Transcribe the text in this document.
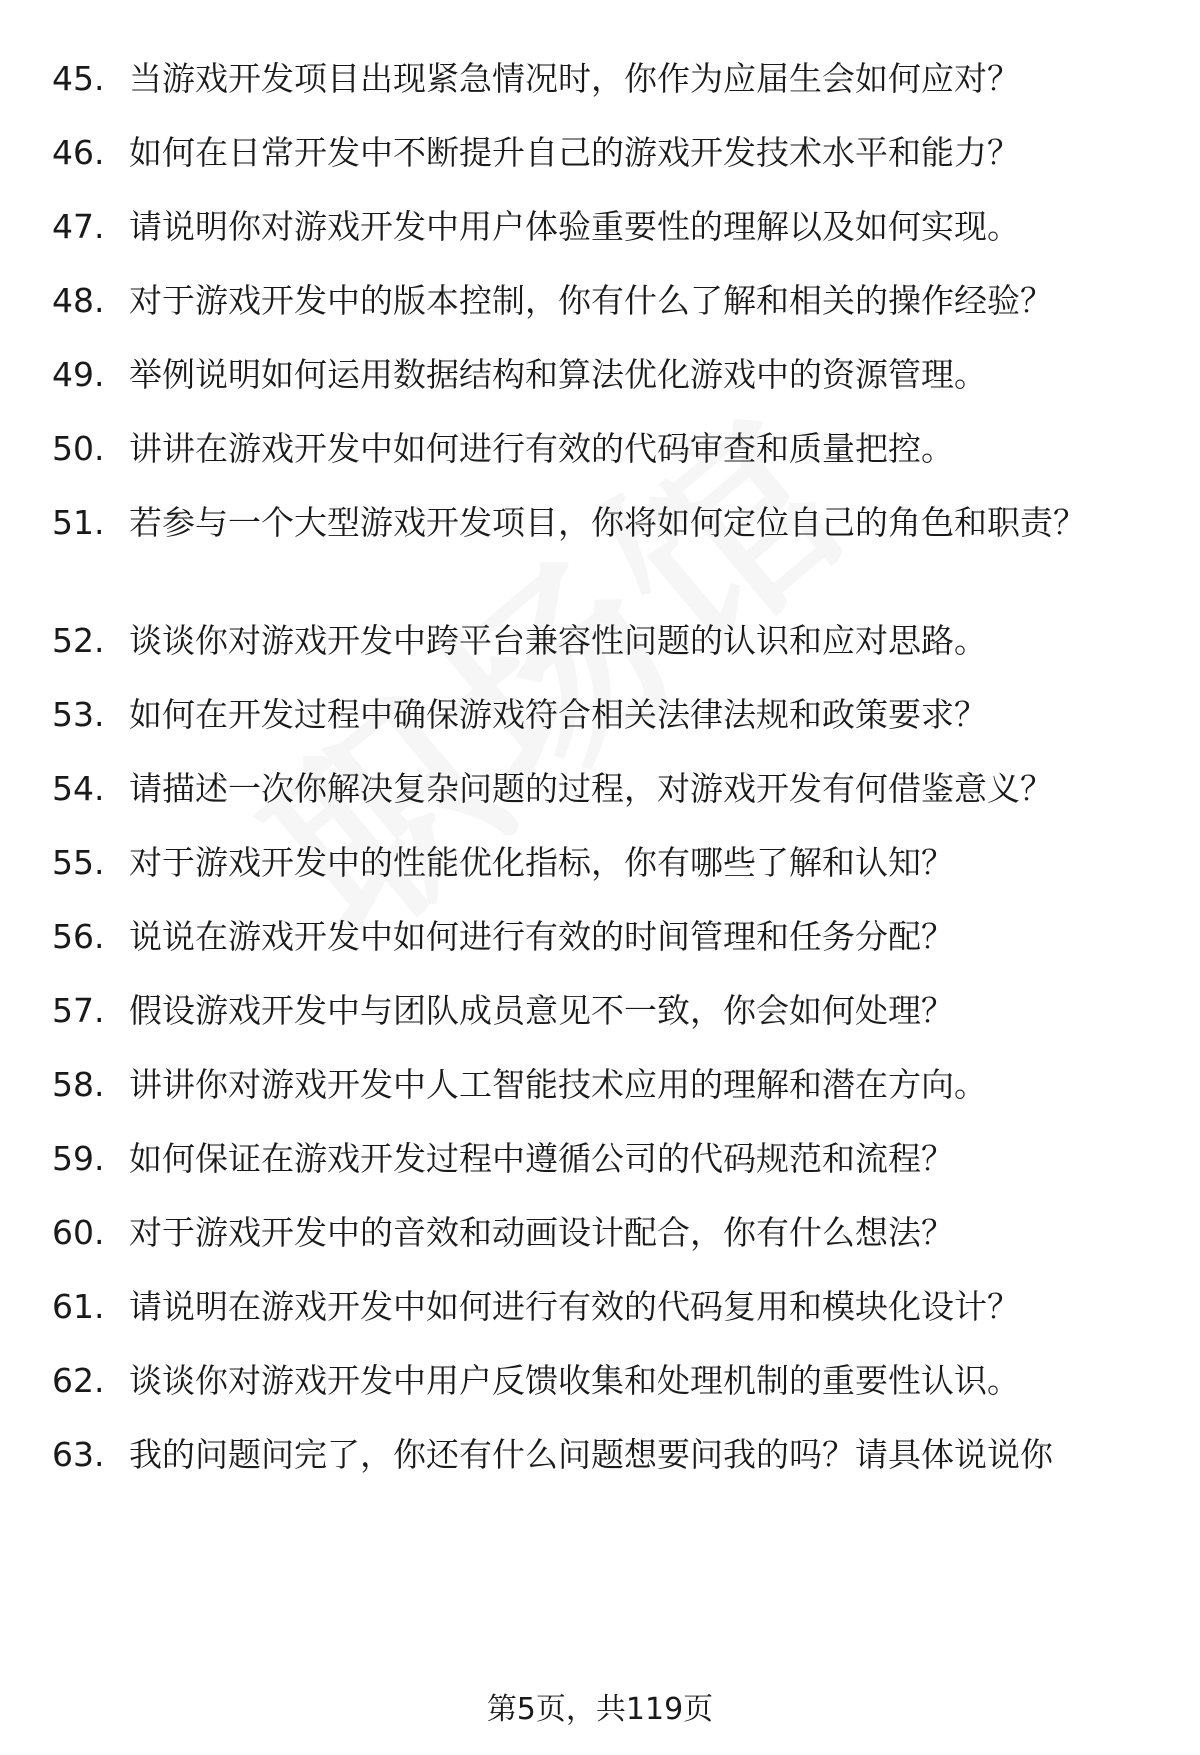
45. 当游戏开发项目出现紧急情况时，你作为应届生会如何应对？
46. 如何在日常开发中不断提升自己的游戏开发技术水平和能力？
47. 请说明你对游戏开发中用户体验重要性的理解以及如何实现。
48. 对于游戏开发中的版本控制，你有什么了解和相关的操作经验？
49. 举例说明如何运用数据结构和算法优化游戏中的资源管理。
50. 讲讲在游戏开发中如何进行有效的代码审查和质量把控。
51. 若参与一个大型游戏开发项目，你将如何定位自己的角色和职责？
52. 谈谈你对游戏开发中跨平台兼容性问题的认识和应对思路。
53. 如何在开发过程中确保游戏符合相关法律法规和政策要求？
54. 请描述一次你解决复杂问题的过程，对游戏开发有何借鉴意义？
55. 对于游戏开发中的性能优化指标，你有哪些了解和认知？
56. 说说在游戏开发中如何进行有效的时间管理和任务分配？
57. 假设游戏开发中与团队成员意见不一致，你会如何处理？
58. 讲讲你对游戏开发中人工智能技术应用的理解和潜在方向。
59. 如何保证在游戏开发过程中遵循公司的代码规范和流程？
60. 对于游戏开发中的音效和动画设计配合，你有什么想法？
61. 请说明在游戏开发中如何进行有效的代码复用和模块化设计？
62. 谈谈你对游戏开发中用户反馈收集和处理机制的重要性认识。
63. 我的问题问完了，你还有什么问题想要问我的吗？请具体说说你
第5页，共119页
